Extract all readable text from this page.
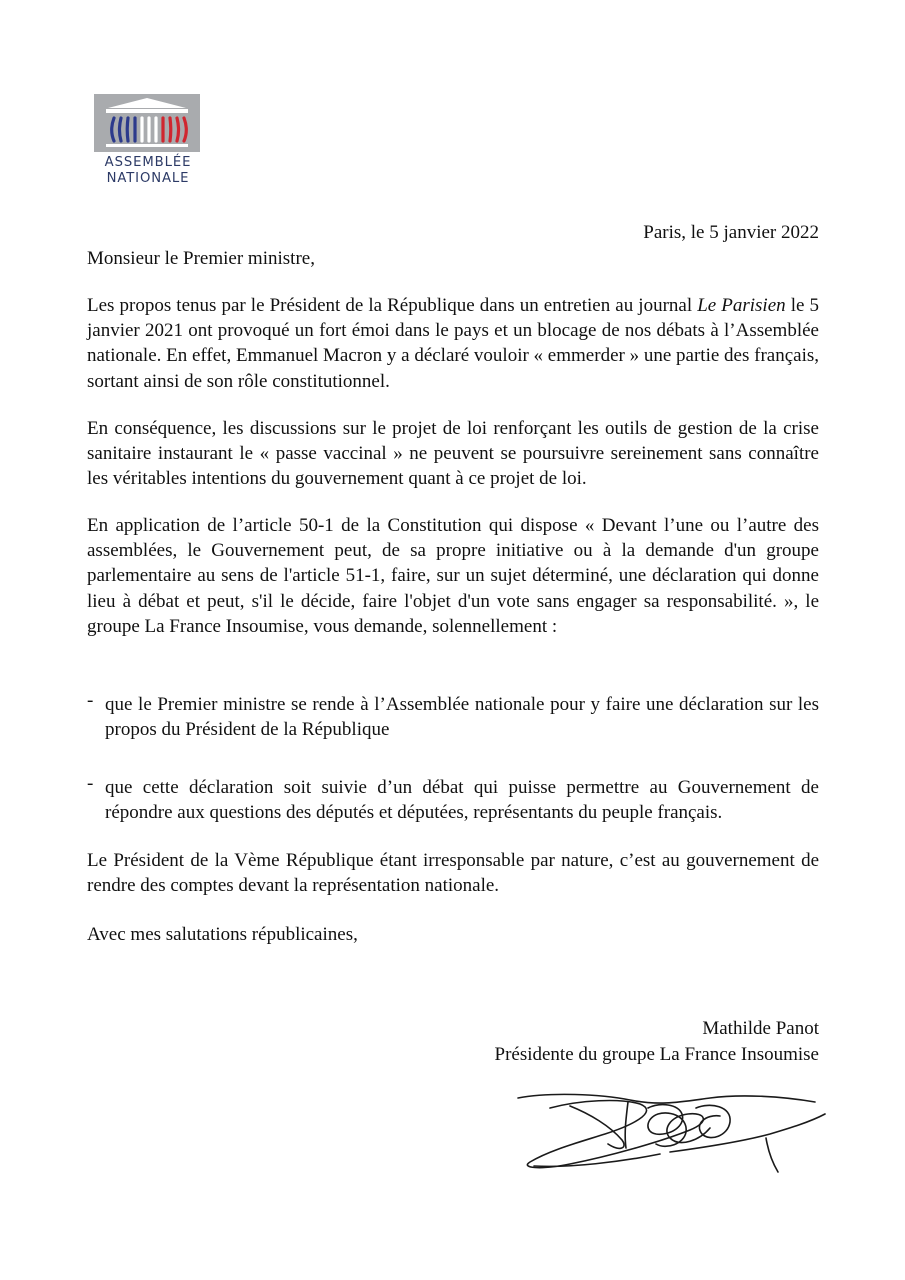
ASSEMBLÉE
NATIONALE
Paris, le 5 janvier 2022
Monsieur le Premier ministre,

Les propos tenus par le Président de la République dans un entretien au journal Le Parisien le 5 janvier 2021 ont provoqué un fort émoi dans le pays et un blocage de nos débats à l’Assemblée nationale. En effet, Emmanuel Macron y a déclaré vouloir « emmerder » une partie des français, sortant ainsi de son rôle constitutionnel.

En conséquence, les discussions sur le projet de loi renforçant les outils de gestion de la crise sanitaire instaurant le « passe vaccinal » ne peuvent se poursuivre sereinement sans connaître les véritables intentions du gouvernement quant à ce projet de loi.

En application de l’article 50-1 de la Constitution qui dispose « Devant l’une ou l’autre des assemblées, le Gouvernement peut, de sa propre initiative ou à la demande d'un groupe parlementaire au sens de l'article 51-1, faire, sur un sujet déterminé, une déclaration qui donne lieu à débat et peut, s'il le décide, faire l'objet d'un vote sans engager sa responsabilité. », le groupe La France Insoumise, vous demande, solennellement :

- que le Premier ministre se rende à l’Assemblée nationale pour y faire une déclaration sur les propos du Président de la République
- que cette déclaration soit suivie d’un débat qui puisse permettre au Gouvernement de répondre aux questions des députés et députées, représentants du peuple français.

Le Président de la Vème République étant irresponsable par nature, c’est au gouvernement de rendre des comptes devant la représentation nationale.

Avec mes salutations républicaines,
Mathilde Panot
Présidente du groupe La France Insoumise
